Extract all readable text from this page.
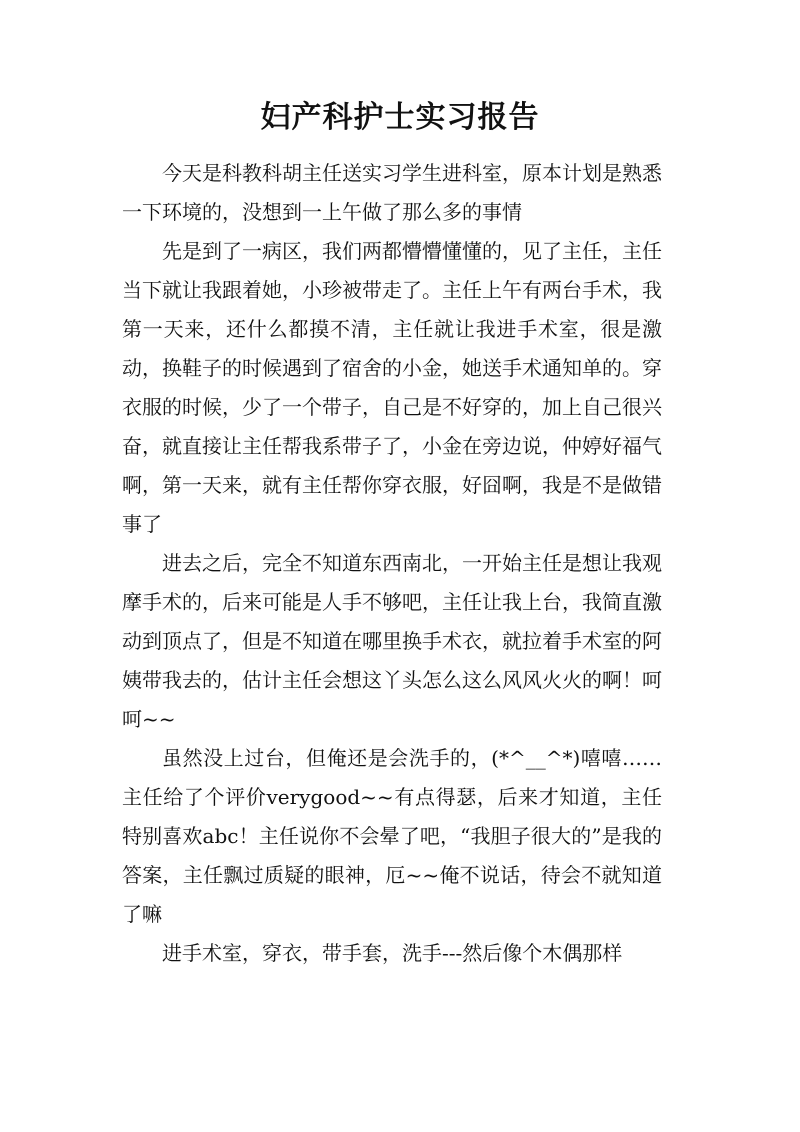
妇产科护士实习报告

今天是科教科胡主任送实习学生进科室，原本计划是熟悉一下环境的，没想到一上午做了那么多的事情

先是到了一病区，我们两都懵懵懂懂的，见了主任，主任当下就让我跟着她，小珍被带走了。主任上午有两台手术，我第一天来，还什么都摸不清，主任就让我进手术室，很是激动，换鞋子的时候遇到了宿舍的小金，她送手术通知单的。穿衣服的时候，少了一个带子，自己是不好穿的，加上自己很兴奋，就直接让主任帮我系带子了，小金在旁边说，仲婷好福气啊，第一天来，就有主任帮你穿衣服，好囧啊，我是不是做错事了

进去之后，完全不知道东西南北，一开始主任是想让我观摩手术的，后来可能是人手不够吧，主任让我上台，我简直激动到顶点了，但是不知道在哪里换手术衣，就拉着手术室的阿姨带我去的，估计主任会想这丫头怎么这么风风火火的啊！呵呵~~

虽然没上过台，但俺还是会洗手的，(*^__^*)嘻嘻……主任给了个评价verygood~~有点得瑟，后来才知道，主任特别喜欢abc！主任说你不会晕了吧，“我胆子很大的”是我的答案，主任飘过质疑的眼神，厄~~俺不说话，待会不就知道了嘛

进手术室，穿衣，带手套，洗手---然后像个木偶那样
